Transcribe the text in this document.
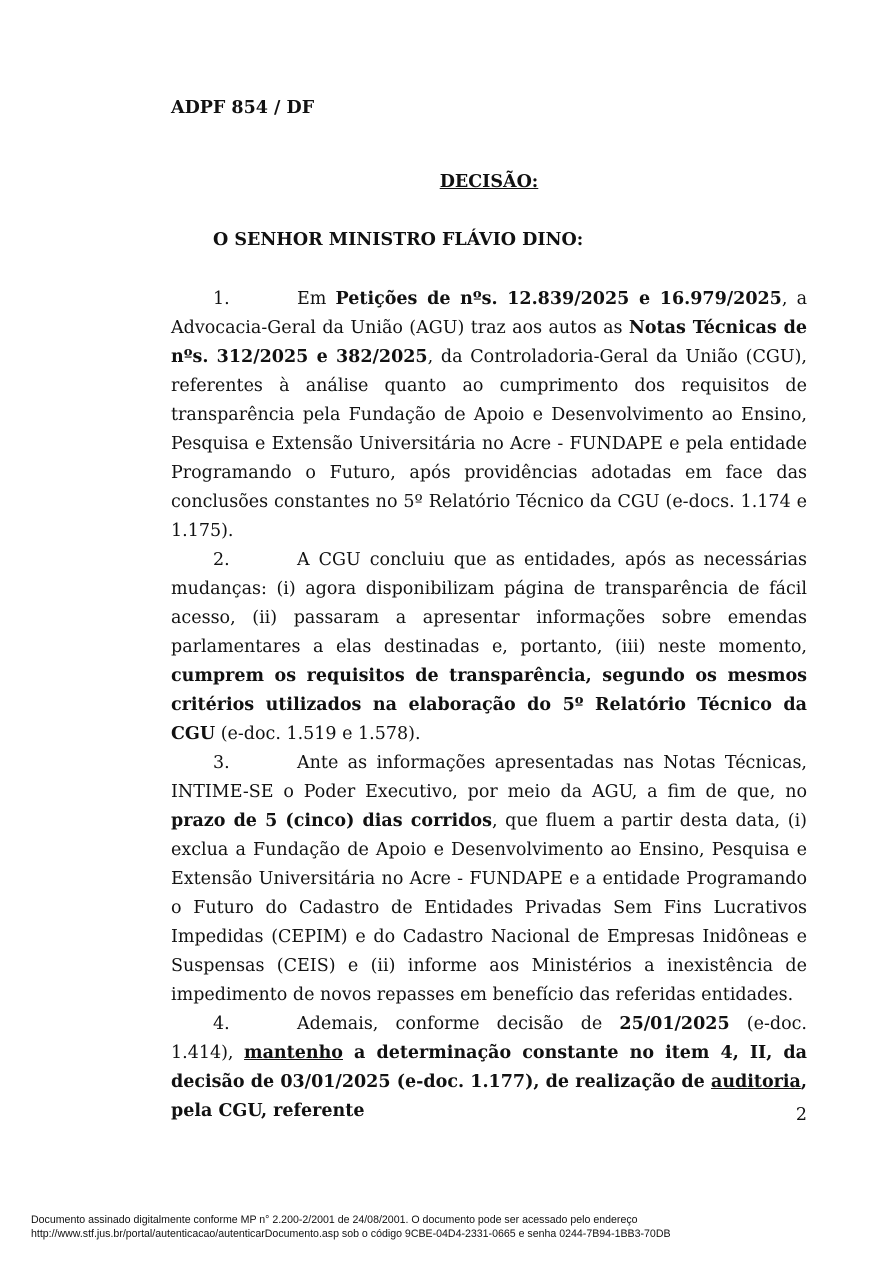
ADPF 854 / DF

DECISÃO:

O SENHOR MINISTRO FLÁVIO DINO:

1.	Em Petições de nºs. 12.839/2025 e 16.979/2025, a Advocacia-Geral da União (AGU) traz aos autos as Notas Técnicas de nºs. 312/2025 e 382/2025, da Controladoria-Geral da União (CGU), referentes à análise quanto ao cumprimento dos requisitos de transparência pela Fundação de Apoio e Desenvolvimento ao Ensino, Pesquisa e Extensão Universitária no Acre - FUNDAPE e pela entidade Programando o Futuro, após providências adotadas em face das conclusões constantes no 5º Relatório Técnico da CGU (e-docs. 1.174 e 1.175).

2.	A CGU concluiu que as entidades, após as necessárias mudanças: (i) agora disponibilizam página de transparência de fácil acesso, (ii) passaram a apresentar informações sobre emendas parlamentares a elas destinadas e, portanto, (iii) neste momento, cumprem os requisitos de transparência, segundo os mesmos critérios utilizados na elaboração do 5º Relatório Técnico da CGU (e-doc. 1.519 e 1.578).

3.	Ante as informações apresentadas nas Notas Técnicas, INTIME-SE o Poder Executivo, por meio da AGU, a fim de que, no prazo de 5 (cinco) dias corridos, que fluem a partir desta data, (i) exclua a Fundação de Apoio e Desenvolvimento ao Ensino, Pesquisa e Extensão Universitária no Acre - FUNDAPE e a entidade Programando o Futuro do Cadastro de Entidades Privadas Sem Fins Lucrativos Impedidas (CEPIM) e do Cadastro Nacional de Empresas Inidôneas e Suspensas (CEIS) e (ii) informe aos Ministérios a inexistência de impedimento de novos repasses em benefício das referidas entidades.

4.	Ademais, conforme decisão de 25/01/2025 (e-doc. 1.414), mantenho a determinação constante no item 4, II, da decisão de 03/01/2025 (e-doc. 1.177), de realização de auditoria, pela CGU, referente	2

Documento assinado digitalmente conforme MP n° 2.200-2/2001 de 24/08/2001. O documento pode ser acessado pelo endereço
http://www.stf.jus.br/portal/autenticacao/autenticarDocumento.asp sob o código 9CBE-04D4-2331-0665 e senha 0244-7B94-1BB3-70DB
